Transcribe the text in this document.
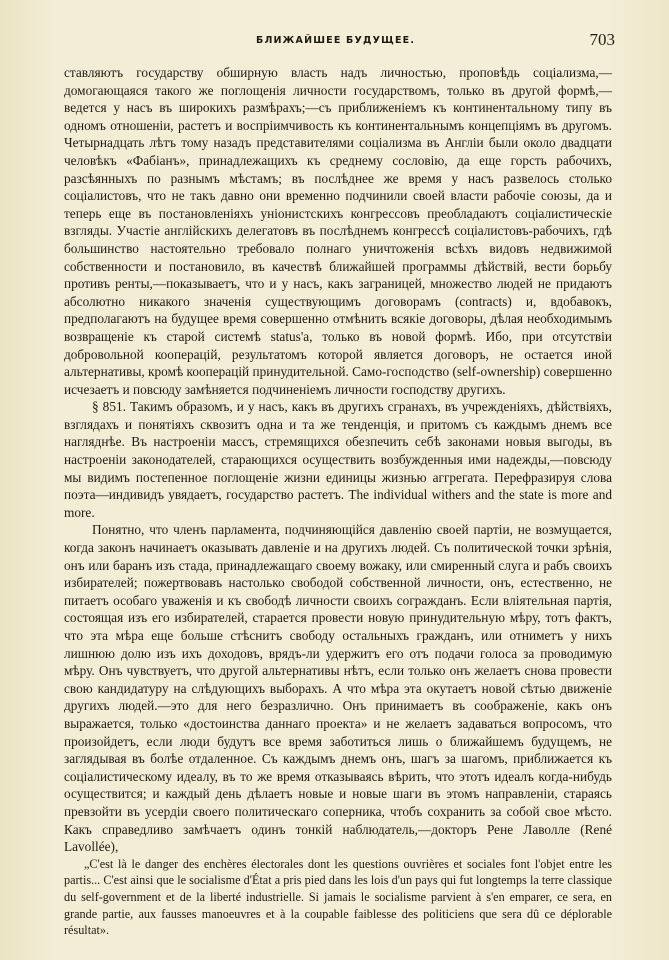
БЛИЖАЙШЕЕ БУДУЩЕЕ.	703

ставляютъ государству обширную власть надъ личностью, проповѣдь соціализма,—домогающаяся такого же поглощенія личности государствомъ, только въ другой формѣ,—ведется у насъ въ широкихъ размѣрахъ;—съ приближеніемъ къ континентальному типу въ одномъ отношеніи, растетъ и воспріимчивость къ континентальнымъ концепціямъ въ другомъ. Четырнадцать лѣтъ тому назадъ представителями соціализма въ Англіи были около двадцати человѣкъ «Фабіанъ», принадлежащихъ къ среднему сословію, да еще горсть рабочихъ, разсѣянныхъ по разнымъ мѣстамъ; въ послѣднее же время у насъ развелось столько соціалистовъ, что не такъ давно они временно подчинили своей власти рабочіе союзы, да и теперь еще въ постановленіяхъ уніонистскихъ конгрессовъ преобладаютъ соціалистическіе взгляды. Участіе англійскихъ делегатовъ въ послѣднемъ конгрессѣ соціалистовъ-рабочихъ, гдѣ большинство настоятельно требовало полнаго уничтоженія всѣхъ видовъ недвижимой собственности и постановило, въ качествѣ ближайшей программы дѣйствій, вести борьбу противъ ренты,—показываетъ, что и у насъ, какъ заграницей, множество людей не придаютъ абсолютно никакого значенія существующимъ договорамъ (contracts) и, вдобавокъ, предполагаютъ на будущее время совершенно отмѣнить всякіе договоры, дѣлая необходимымъ возвращеніе къ старой системѣ status'а, только въ новой формѣ. Ибо, при отсутствіи добровольной кооперацій, результатомъ которой является договоръ, не остается иной альтернативы, кромѣ кооперацій принудительной. Само-господство (self-ownership) совершенно исчезаетъ и повсюду замѣняется подчиненіемъ личности господству другихъ.

§ 851. Такимъ образомъ, и у насъ, какъ въ другихъ сгранахъ, въ учрежденіяхъ, дѣйствіяхъ, взглядахъ и понятіяхъ сквозитъ одна и та же тенденція, и притомъ съ каждымъ днемъ все нагляднѣе. Въ настроеніи массъ, стремящихся обезпечить себѣ законами новыя выгоды, въ настроеніи законодателей, старающихся осуществить возбужденныя ими надежды,—повсюду мы видимъ постепенное поглощеніе жизни единицы жизнью аггрегата. Перефразируя слова поэта—индивидъ увядаетъ, государство растетъ. The individual withers and the state is more and more.

Понятно, что членъ парламента, подчиняющійся давленію своей партіи, не возмущается, когда законъ начинаетъ оказывать давленіе и на другихъ людей. Съ политической точки зрѣнія, онъ или баранъ изъ стада, принадлежащаго своему вожаку, или смиренный слуга и рабъ своихъ избирателей; пожертвовавъ настолько свободой собственной личности, онъ, естественно, не питаетъ особаго уваженія и къ свободѣ личности своихъ согражданъ. Если вліятельная партія, состоящая изъ его избирателей, старается провести новую принудительную мѣру, тотъ фактъ, что эта мѣра еще больше стѣснитъ свободу остальныхъ гражданъ, или отниметъ у нихъ лишнюю долю изъ ихъ доходовъ, врядъ-ли удержитъ его отъ подачи голоса за проводимую мѣру. Онъ чувствуетъ, что другой альтернативы нѣтъ, если только онъ желаетъ снова провести свою кандидатуру на слѣдующихъ выборахъ. А что мѣра эта окутаетъ новой сѣтью движеніе другихъ людей.—это для него безразлично. Онъ принимаетъ въ соображеніе, какъ онъ выражается, только «достоинства даннаго проекта» и не желаетъ задаваться вопросомъ, что произойдетъ, если люди будутъ все время заботиться лишь о ближайшемъ будущемъ, не заглядывая въ болѣе отдаленное. Съ каждымъ днемъ онъ, шагъ за шагомъ, приближается къ соціалистическому идеалу, въ то же время отказываясь вѣрить, что этотъ идеалъ когда-нибудь осуществится; и каждый день дѣлаетъ новые и новые шаги въ этомъ направленіи, стараясь превзойти въ усердіи своего политическаго соперника, чтобъ сохранить за собой свое мѣсто. Какъ справедливо замѣчаетъ одинъ тонкій наблюдатель,—докторъ Рене Лаволле (René Lavollée),

„C'est là le danger des enchères électorales dont les questions ouvrières et sociales font l'objet entre les partis... C'est ainsi que le socialisme d'État a pris pied dans les lois d'un pays qui fut longtemps la terre classique du self-government et de la liberté industrielle. Si jamais le socialisme parvient à s'en emparer, ce sera, en grande partie, aux fausses manoeuvres et à la coupable faiblesse des politiciens que sera dû ce déplorable résultat».
